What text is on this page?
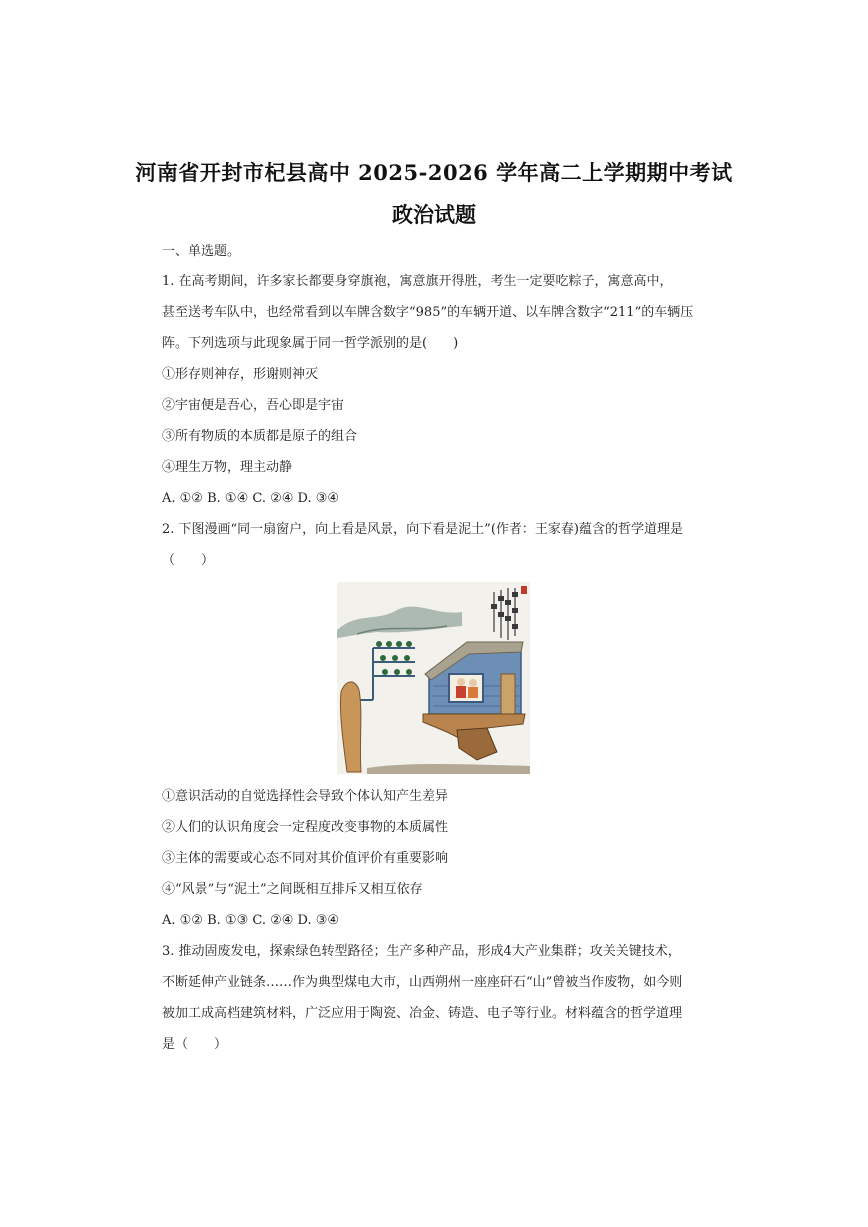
河南省开封市杞县高中 2025-2026 学年高二上学期期中考试
政治试题
一、单选题。
1. 在高考期间，许多家长都要身穿旗袍，寓意旗开得胜，考生一定要吃粽子，寓意高中，
甚至送考车队中，也经常看到以车牌含数字“985”的车辆开道、以车牌含数字“211”的车辆压
阵。下列选项与此现象属于同一哲学派别的是(　　)
①形存则神存，形谢则神灭
②宇宙便是吾心，吾心即是宇宙
③所有物质的本质都是原子的组合
④理生万物，理主动静
A. ①② B. ①④ C. ②④ D. ③④
2. 下图漫画“同一扇窗户，向上看是风景，向下看是泥土”(作者：王家春)蕴含的哲学道理是
（　　）
①意识活动的自觉选择性会导致个体认知产生差异
②人们的认识角度会一定程度改变事物的本质属性
③主体的需要或心态不同对其价值评价有重要影响
④“风景”与“泥土”之间既相互排斥又相互依存
A. ①② B. ①③ C. ②④ D. ③④
3. 推动固废发电，探索绿色转型路径；生产多种产品，形成4大产业集群；攻关关键技术，
不断延伸产业链条……作为典型煤电大市，山西朔州一座座矸石“山”曾被当作废物，如今则
被加工成高档建筑材料，广泛应用于陶瓷、冶金、铸造、电子等行业。材料蕴含的哲学道理
是（　　）
